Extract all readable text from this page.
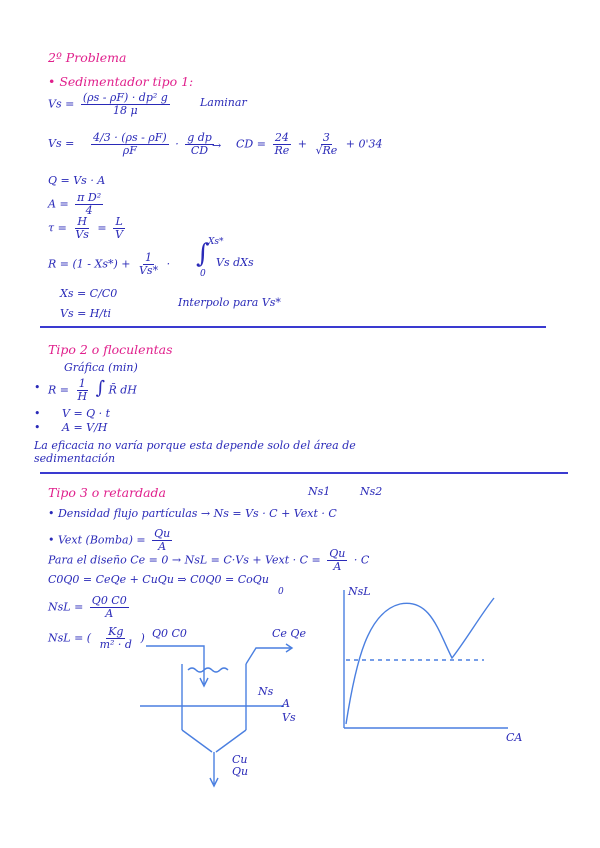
2º Problema
• Sedimentador tipo 1:
$Vs = \frac{\text{(ρs - ρF) · dp² g}}{18 \mu}$	Laminar
$Vs = \frac{4/3 \cdot (\rho s - \rho F)}{\rho F} \cdot \frac{\text{g dp}}{CD}$
→ CD = $\frac{24}{Re} + \frac{3}{√Re} + 0'34$
Q = Vs · A
$A = \frac{\text{π D²}}{4}$
$\tau = \frac{H}{Vs} = \frac{L}{V}$
$R = (1 - Xs*) + \frac{1}{Vs*}$ · ∫
Xs*
0
Vs dXs
Xs = C/C0
Vs = H/ti
Interpolo para Vs*
Tipo 2 o floculentas
Gráfica (min)
• $R = \frac{1}{H}$ ∫ R̄ dH
• V = Q · t
• A = V/H
La eficacia no varía porque esta depende solo del área de
sedimentación
Tipo 3 o retardada	Ns1	Ns2
• Densidad flujo partículas → Ns = Vs · C + Vext · C
• Vext (Bomba) = $\frac{Qu}{A}$
Para el diseño Ce = 0 → NsL = C·Vs + Vext · $C = \frac{Qu}{A} \cdot C$
C0Q0 = CeQe + CuQu ⇒ C0Q0 = CoQu
0
NsL = $\frac{Q0 C0}{A}$
NsL = ( $\frac{Kg}{\text{m² · d}}$ ) Q0 C0	Ce Qe
Ns
A
Vs
Cu
Qu
NsL
CA
